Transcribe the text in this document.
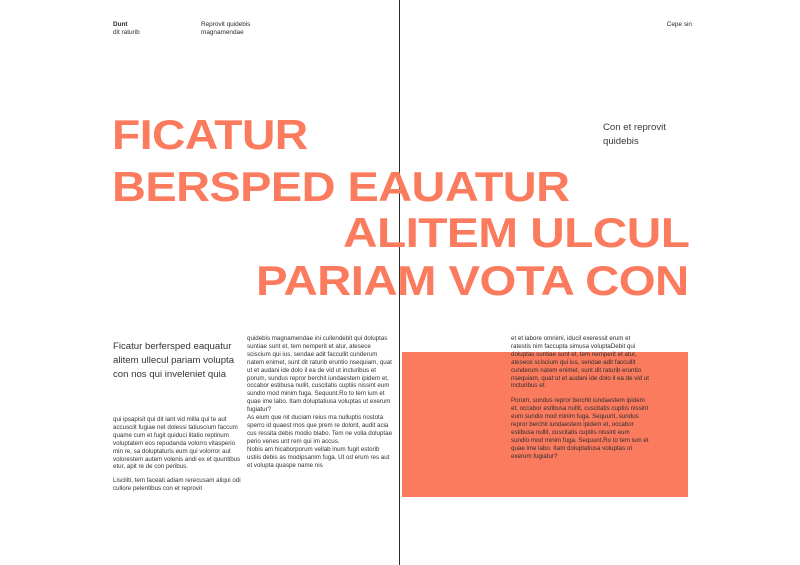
Dunt
dit raturib

Reprovit quidebis
magnamendae

Cepe sin

FICATUR
BERSPED EAUATUR
ALITEM ULCUL
PARIAM VOTA CON

Con et reprovit quidebis

Ficatur berfersped eaquatur alitem ullecul pariam volupta con nos qui inveleniet quia

qui ipsapisit qui dit lant vid milla qui te aut accusciit fugiae net dolessi tatiuscium faccum quame cum et fugit quiduci litatio reptinum voluptatem eos repudanda volorro vitasperio min re, sa doluptaturis eum qui volorror aut volorestem autem volenis andi ex et quuntibus etur, apit re de con peribus.

Lisciliti, tem faceati adiam rerecusam aliqui odi cullore pelentibus con et reprovit

quidebis magnamendae ini cullendebit qui doluptas suntiae sunt et, tem nemperit et atur, atesece sciscium qui ius, sendae adit faccullit cunderum natem enimet, sunt dit raturib eruntio nsequiam, quat ut et audani ide dolo il ea de vid ut incturibus et porum, sundus repror berchit iundaestem ipidem et, occabor estibusa nullit, cuscitatis cuptiis nissint eum sundio mod minim fuga. Sequunt.Ro to tem ium et quae ime labo. Itam doluptatiusa voluptas ut exerum fugiatur?

As eium que nit duciam reius ma nulluptis nostota sperro id quaest mos que prem re dolorit, audit acia cus ressita debis modio blabo. Tem ne volla doluptae perio venes unt rem qui im accus.

Nobis am hicaborporum vellab inum fugit estorib ustiis debis as modipsanim fuga. Ut od erum res aut et volupta quaspe name nis

et et labore omnimi, iducil exeressit erum et ratestis nim faccupta simusa voluptaDebit qui doluptas suntiae sunt et, tem nemperit et atur, atesece sciscium qui ius, sendae adit faccullit cunderum natem enimet, sunt dit raturib eruntio nsequiam, quat ut et audani ide dolo il ea de vid ut incturibus et.

Porum, sundus repror berchit iundaestem ipidem et, occabor estibusa nullit, cuscitatis cuptiis nissint eum sundio mod minim fuga. Sequunt, sundus repror berchit iundaestem ipidem et, occabor estibusa nullit, cuscitatis cuptiis nissint eum sundio mod minim fuga. Sequunt.Ro to tem ium et quae ime labo. Itam doluptatiusa voluptas ut exerum fugiatur?
